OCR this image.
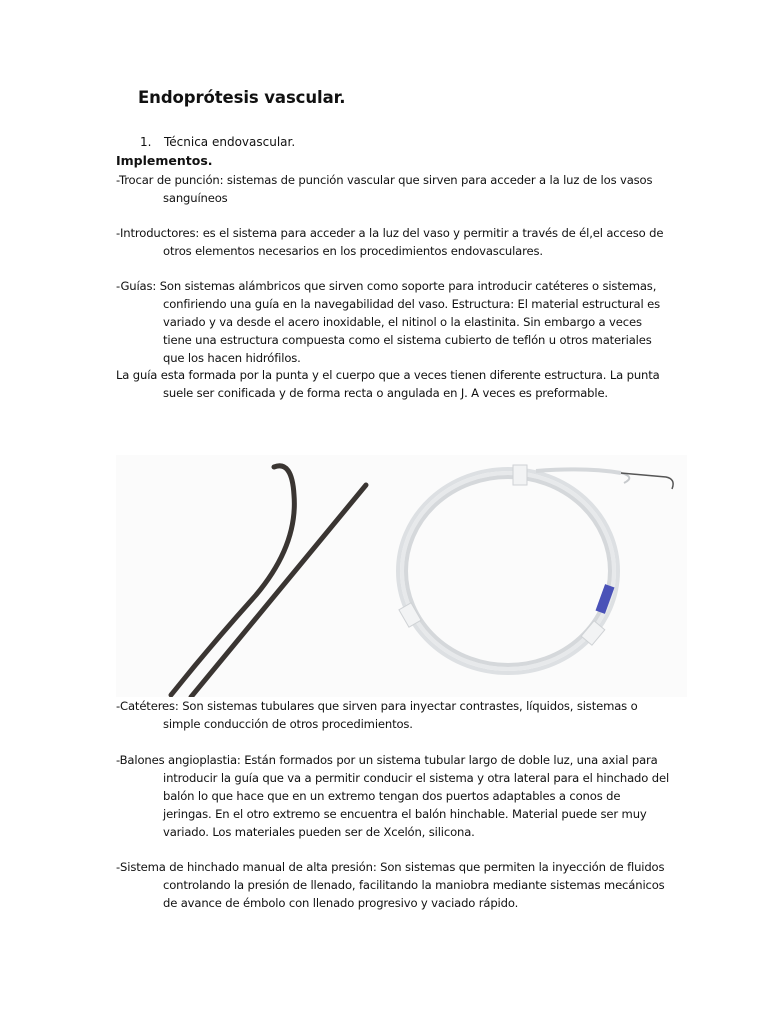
Endoprótesis vascular.
1. Técnica endovascular.
Implementos.
-Trocar de punción: sistemas de punción vascular que sirven para acceder a la luz de los vasos
sanguíneos
-Introductores: es el sistema para acceder a la luz del vaso y permitir a través de él,el acceso de
otros elementos necesarios en los procedimientos endovasculares.
-Guías: Son sistemas alámbricos que sirven como soporte para introducir catéteres o sistemas,
confiriendo una guía en la navegabilidad del vaso. Estructura: El material estructural es
variado y va desde el acero inoxidable, el nitinol o la elastinita. Sin embargo a veces
tiene una estructura compuesta como el sistema cubierto de teflón u otros materiales
que los hacen hidrófilos.
La guía esta formada por la punta y el cuerpo que a veces tienen diferente estructura. La punta
suele ser conificada y de forma recta o angulada en J. A veces es preformable.
-Catéteres: Son sistemas tubulares que sirven para inyectar contrastes, líquidos, sistemas o
simple conducción de otros procedimientos.
-Balones angioplastia: Están formados por un sistema tubular largo de doble luz, una axial para
introducir la guía que va a permitir conducir el sistema y otra lateral para el hinchado del
balón lo que hace que en un extremo tengan dos puertos adaptables a conos de
jeringas. En el otro extremo se encuentra el balón hinchable. Material puede ser muy
variado. Los materiales pueden ser de Xcelón, silicona.
-Sistema de hinchado manual de alta presión: Son sistemas que permiten la inyección de fluidos
controlando la presión de llenado, facilitando la maniobra mediante sistemas mecánicos
de avance de émbolo con llenado progresivo y vaciado rápido.
